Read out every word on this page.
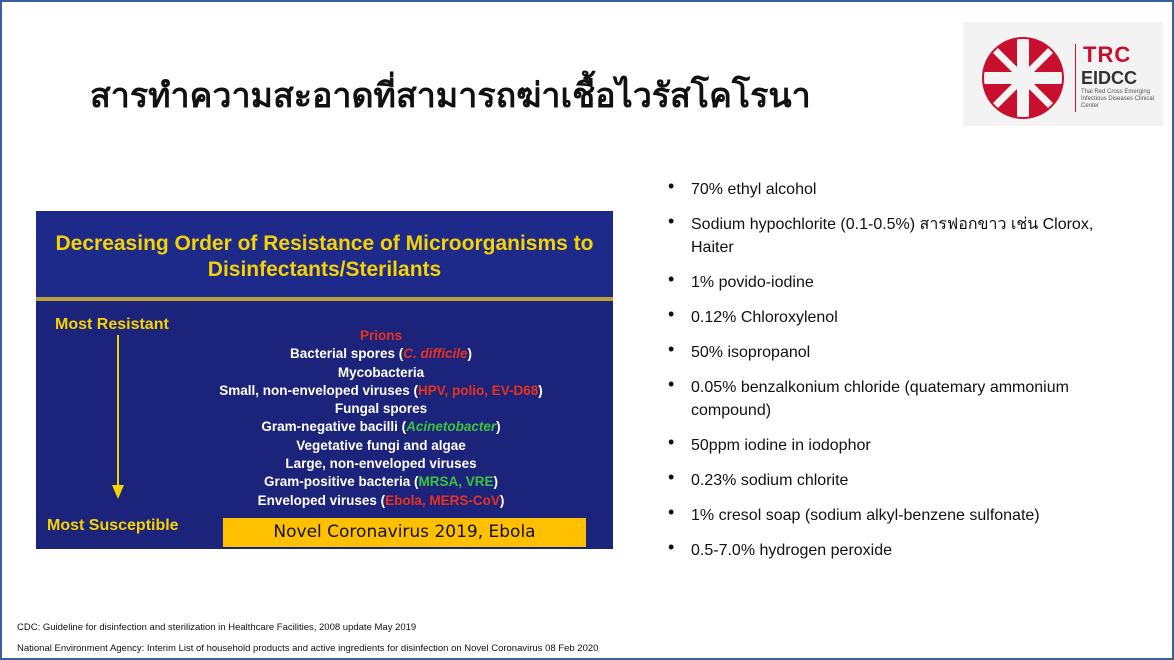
สารทำความสะอาดที่สามารถฆ่าเชื้อไวรัสโคโรนา
TRC
EIDCC
Thai Red Cross Emerging Infectious Diseases Clinical Center
Decreasing Order of Resistance of Microorganisms to
Disinfectants/Sterilants
Most Resistant
Most Susceptible
Prions
Bacterial spores (C. difficile)
Mycobacteria
Small, non-enveloped viruses (HPV, polio, EV-D68)
Fungal spores
Gram-negative bacilli (Acinetobacter)
Vegetative fungi and algae
Large, non-enveloped viruses
Gram-positive bacteria (MRSA, VRE)
Enveloped viruses (Ebola, MERS-CoV)
Novel Coronavirus 2019, Ebola
• 70% ethyl alcohol
• Sodium hypochlorite (0.1-0.5%) สารฟอกขาว เช่น Clorox, Haiter
• 1% povido-iodine
• 0.12% Chloroxylenol
• 50% isopropanol
• 0.05% benzalkonium chloride (quatemary ammonium compound)
• 50ppm iodine in iodophor
• 0.23% sodium chlorite
• 1% cresol soap (sodium alkyl-benzene sulfonate)
• 0.5-7.0% hydrogen peroxide
CDC: Guideline for disinfection and sterilization in Healthcare Facilities, 2008 update May 2019
National Environment Agency: Interim List of household products and active ingredients for disinfection on Novel Coronavirus 08 Feb 2020
